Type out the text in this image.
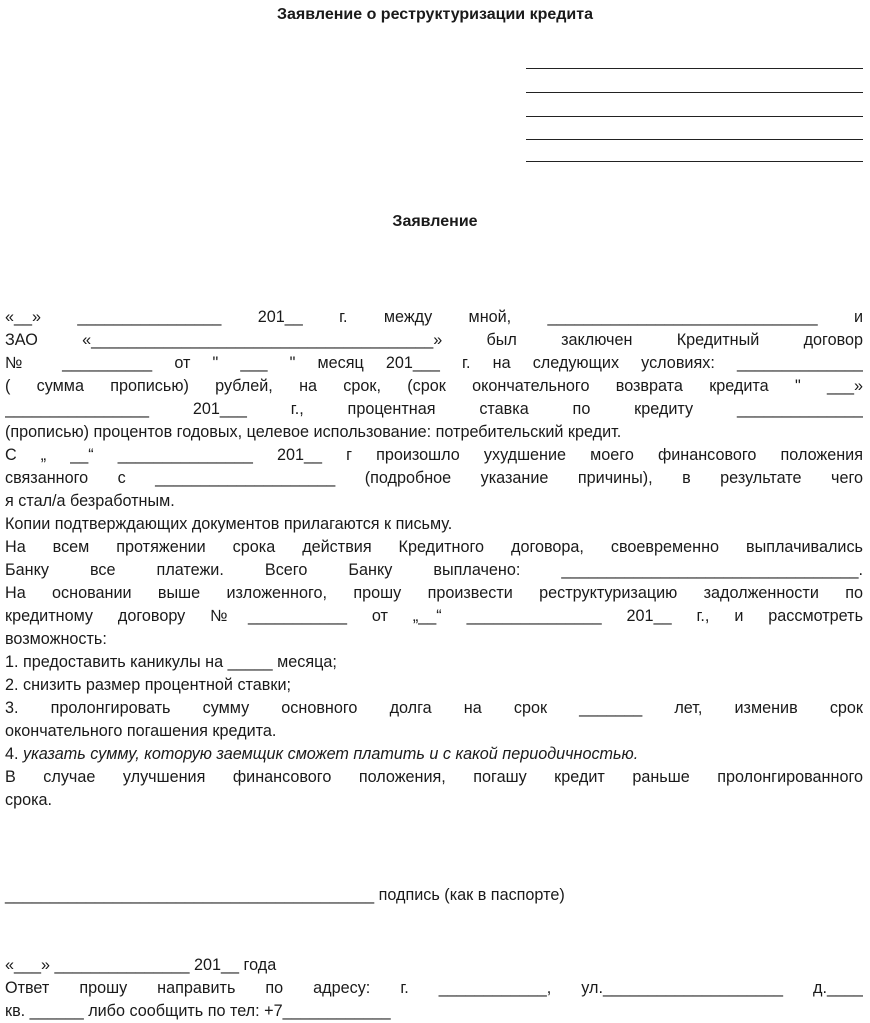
Заявление о реструктуризации кредита
Заявление
«__» ________________ 201__ г. между мной, ______________________________ и
ЗАО «______________________________________» был заключен Кредитный договор
№ __________ от " ___ " месяц 201___ г. на следующих условиях: ______________
( сумма прописью) рублей, на срок, (срок окончательного возврата кредита " ___»
________________ 201___ г., процентная ставка по кредиту ______________
(прописью) процентов годовых, целевое использование: потребительский кредит.
С „ __“ _______________ 201__ г произошло ухудшение моего финансового положения
связанного с ____________________ (подробное указание причины), в результате чего
я стал/а безработным.
Копии подтверждающих документов прилагаются к письму.
На всем протяжении срока действия Кредитного договора, своевременно выплачивались
Банку все платежи. Всего Банку выплачено: _________________________________.
На основании выше изложенного, прошу произвести реструктуризацию задолженности по
кредитному договору №___________ от „__“ _______________ 201__ г., и рассмотреть
возможность:
1. предоставить каникулы на _____ месяца;
2. снизить размер процентной ставки;
3. пролонгировать сумму основного долга на срок _______ лет, изменив срок
окончательного погашения кредита.
4. указать сумму, которую заемщик сможет платить и с какой периодичностью.
В случае улучшения финансового положения, погашу кредит раньше пролонгированного
срока.
_________________________________________ подпись (как в паспорте)
«___» _______________ 201__ года
Ответ прошу направить по адресу: г. ____________, ул.____________________ д.____
кв. ______ либо сообщить по тел: +7____________
